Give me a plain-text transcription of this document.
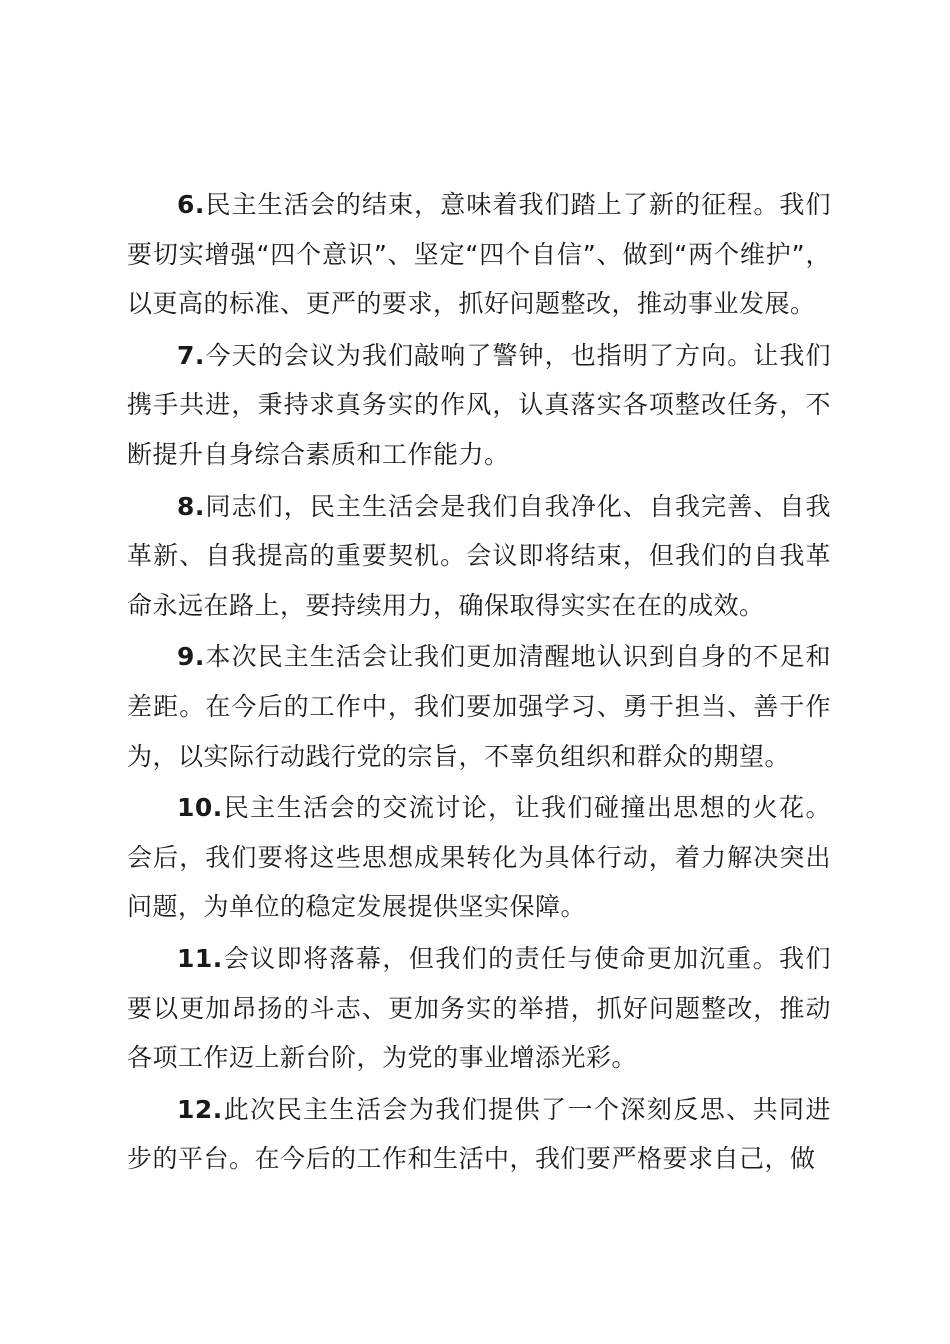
6.民主生活会的结束，意味着我们踏上了新的征程。我们要切实增强“四个意识”、坚定“四个自信”、做到“两个维护”，以更高的标准、更严的要求，抓好问题整改，推动事业发展。

7.今天的会议为我们敲响了警钟，也指明了方向。让我们携手共进，秉持求真务实的作风，认真落实各项整改任务，不断提升自身综合素质和工作能力。

8.同志们，民主生活会是我们自我净化、自我完善、自我革新、自我提高的重要契机。会议即将结束，但我们的自我革命永远在路上，要持续用力，确保取得实实在在的成效。

9.本次民主生活会让我们更加清醒地认识到自身的不足和差距。在今后的工作中，我们要加强学习、勇于担当、善于作为，以实际行动践行党的宗旨，不辜负组织和群众的期望。

10.民主生活会的交流讨论，让我们碰撞出思想的火花。会后，我们要将这些思想成果转化为具体行动，着力解决突出问题，为单位的稳定发展提供坚实保障。

11.会议即将落幕，但我们的责任与使命更加沉重。我们要以更加昂扬的斗志、更加务实的举措，抓好问题整改，推动各项工作迈上新台阶，为党的事业增添光彩。

12.此次民主生活会为我们提供了一个深刻反思、共同进步的平台。在今后的工作和生活中，我们要严格要求自己，做
